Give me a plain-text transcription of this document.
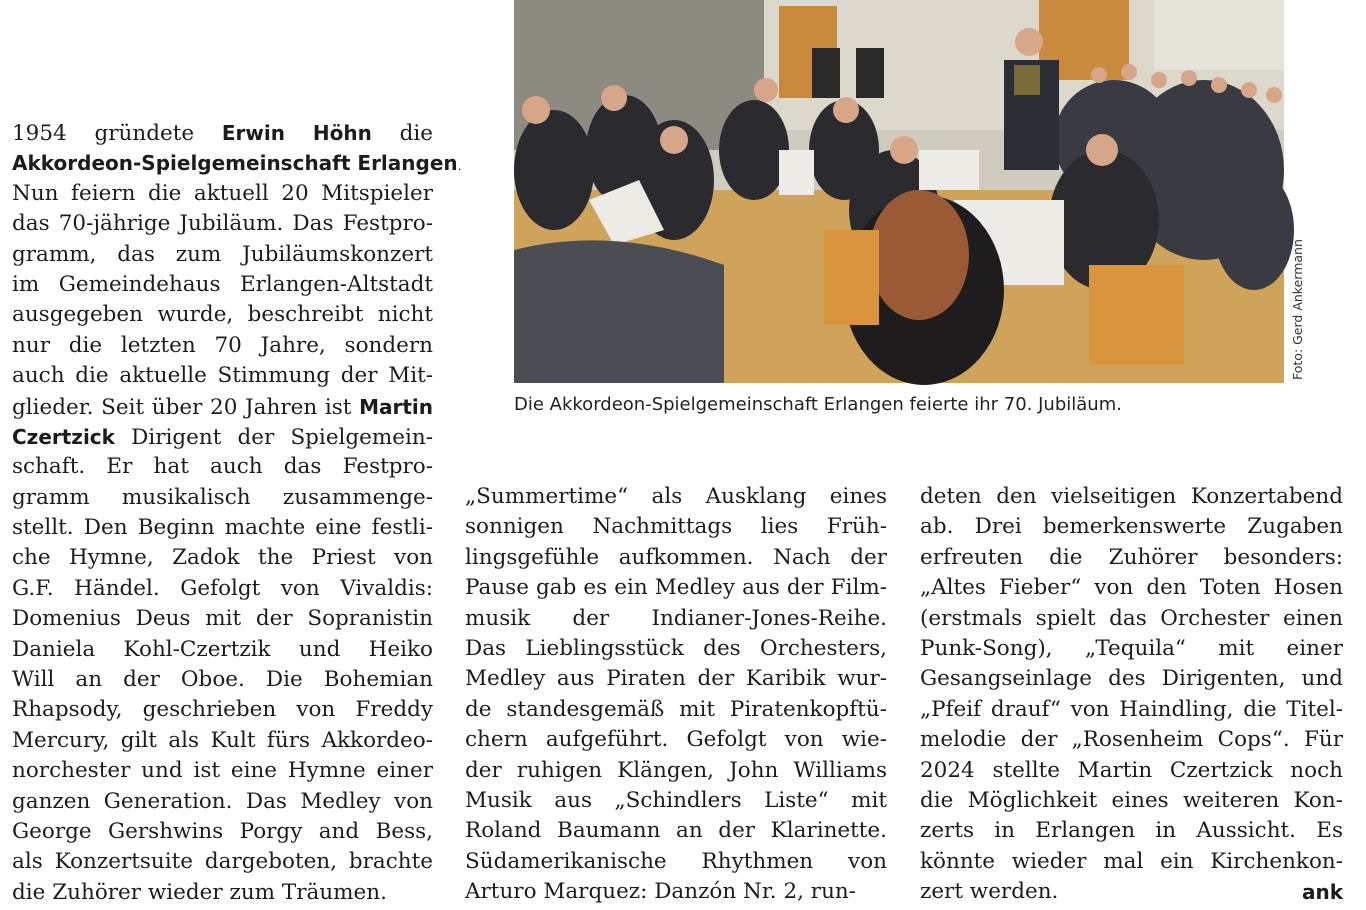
Foto: Gerd Ankermann
Die Akkordeon-Spielgemeinschaft Erlangen feierte ihr 70. Jubiläum.
1954 gründete Erwin Höhn die
Akkordeon-Spielgemeinschaft Erlangen.
Nun feiern die aktuell 20 Mitspieler
das 70-jährige Jubiläum. Das Festpro-
gramm, das zum Jubiläumskonzert
im Gemeindehaus Erlangen-Altstadt
ausgegeben wurde, beschreibt nicht
nur die letzten 70 Jahre, sondern
auch die aktuelle Stimmung der Mit-
glieder. Seit über 20 Jahren ist Martin
Czertzick Dirigent der Spielgemein-
schaft. Er hat auch das Festpro-
gramm musikalisch zusammenge-
stellt. Den Beginn machte eine festli-
che Hymne, Zadok the Priest von
G.F. Händel. Gefolgt von Vivaldis:
Domenius Deus mit der Sopranistin
Daniela Kohl-Czertzik und Heiko
Will an der Oboe. Die Bohemian
Rhapsody, geschrieben von Freddy
Mercury, gilt als Kult fürs Akkordeo-
norchester und ist eine Hymne einer
ganzen Generation. Das Medley von
George Gershwins Porgy and Bess,
als Konzertsuite dargeboten, brachte
die Zuhörer wieder zum Träumen.
„Summertime“ als Ausklang eines
sonnigen Nachmittags lies Früh-
lingsgefühle aufkommen. Nach der
Pause gab es ein Medley aus der Film-
musik der Indianer-Jones-Reihe.
Das Lieblingsstück des Orchesters,
Medley aus Piraten der Karibik wur-
de standesgemäß mit Piratenkopftü-
chern aufgeführt. Gefolgt von wie-
der ruhigen Klängen, John Williams
Musik aus „Schindlers Liste“ mit
Roland Baumann an der Klarinette.
Südamerikanische Rhythmen von
Arturo Marquez: Danzón Nr. 2, run-
deten den vielseitigen Konzertabend
ab. Drei bemerkenswerte Zugaben
erfreuten die Zuhörer besonders:
„Altes Fieber“ von den Toten Hosen
(erstmals spielt das Orchester einen
Punk-Song), „Tequila“ mit einer
Gesangseinlage des Dirigenten, und
„Pfeif drauf“ von Haindling, die Titel-
melodie der „Rosenheim Cops“. Für
2024 stellte Martin Czertzick noch
die Möglichkeit eines weiteren Kon-
zerts in Erlangen in Aussicht. Es
könnte wieder mal ein Kirchenkon-
zert werden.	ank
